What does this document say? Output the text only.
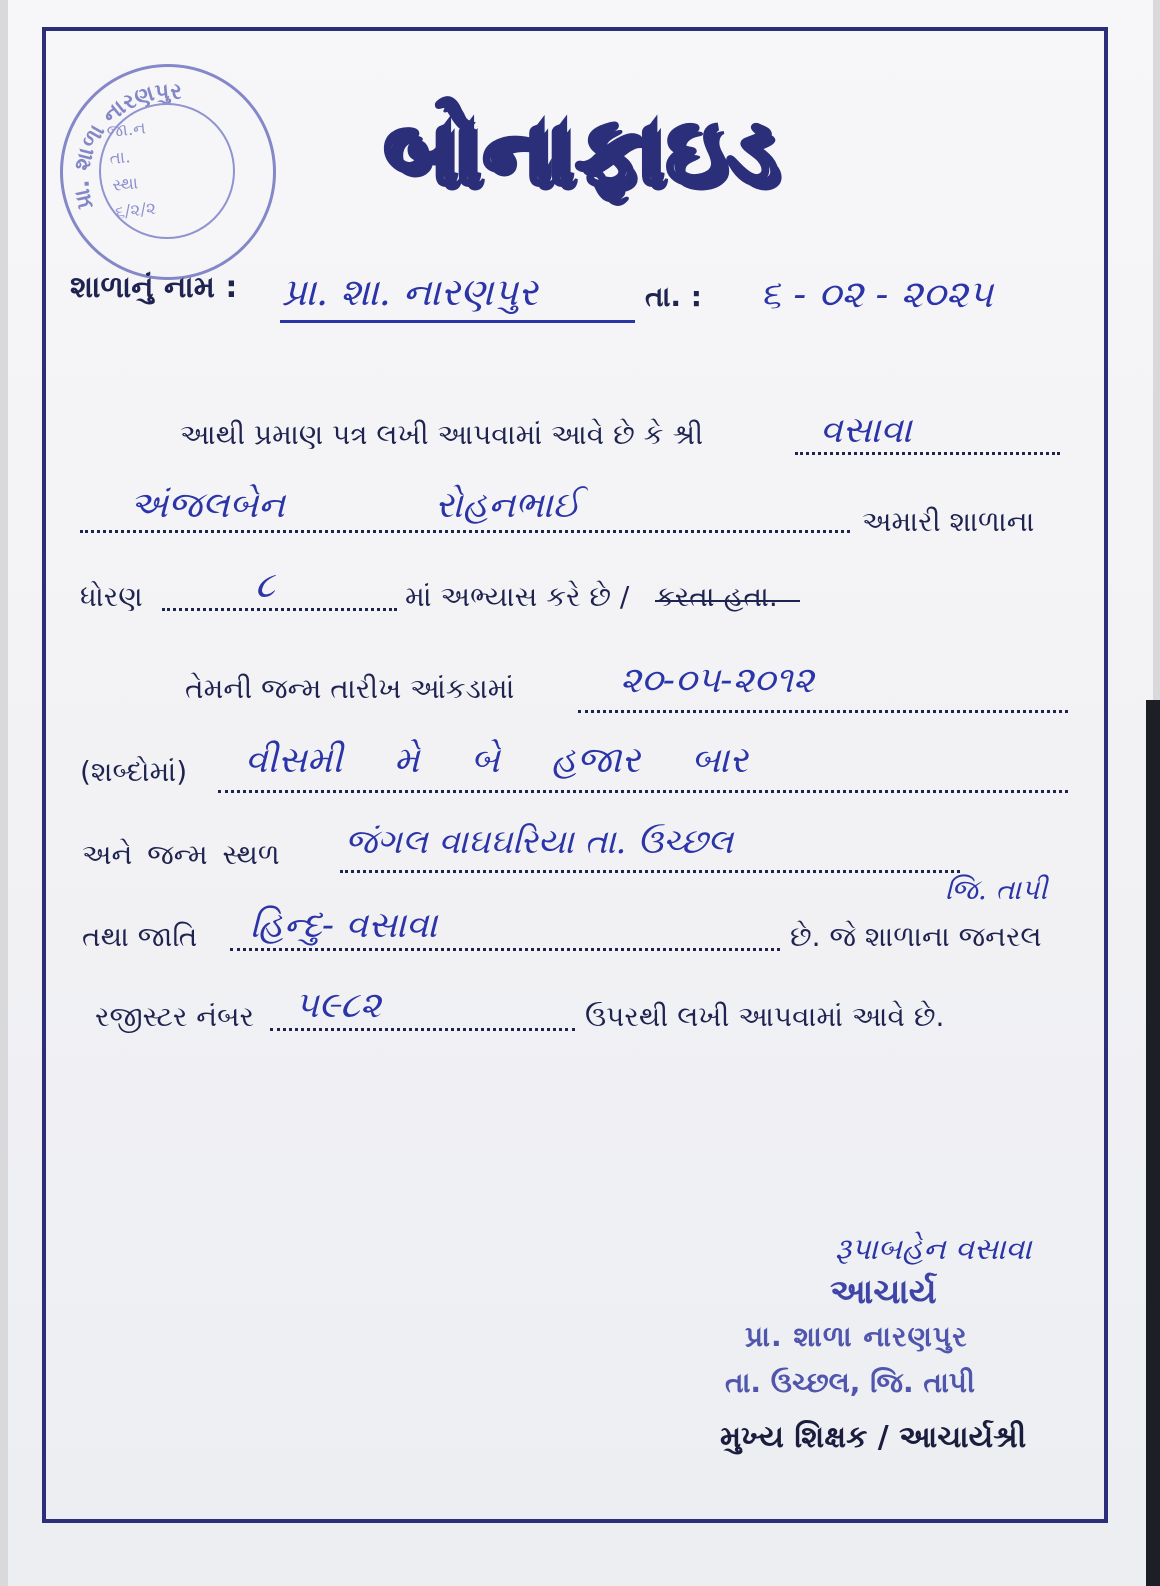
પ્રા. શાળા નારણપુર
જા.ન
તા.
સ્થા
૬/૨/૨
બોનાફાઇડ
શાળાનું નામ : પ્રા. શા. નારણપુર	તા. : ૬ - ૦૨ - ૨૦૨૫
આથી પ્રમાણ પત્ર લખી આપવામાં આવે છે કે શ્રી	વસાવા
અંજલબેન	રોહનભાઈ	અમારી શાળાના
ધોરણ	૮	માં અભ્યાસ કરે છે / કરતા હતા.
તેમની જન્મ તારીખ આંકડામાં	૨૦-૦૫-૨૦૧૨
(શબ્દોમાં) વીસમી મે બે હજાર બાર
અને જન્મ સ્થળ જંગલ વાઘઘરિયા તા. ઉચ્છલ
જિ. તાપી
તથા જાતિ હિન્દુ- વસાવા	છે. જે શાળાના જનરલ
રજીસ્ટર નંબર ૫૯૮૨	ઉપરથી લખી આપવામાં આવે છે.
રૂપાબહેન વસાવા
આચાર્ય
પ્રા. શાળા નારણપુર
તા. ઉચ્છલ, જિ. તાપી
મુખ્ય શિક્ષક / આચાર્યશ્રી
